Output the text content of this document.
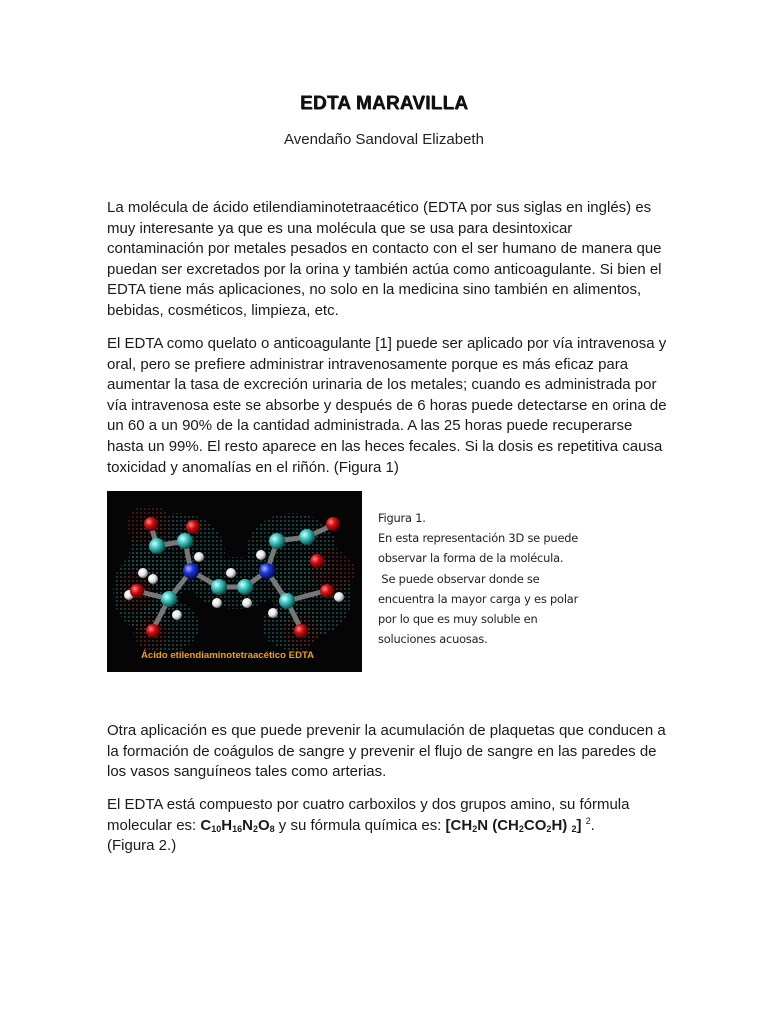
EDTA MARAVILLA
Avendaño Sandoval Elizabeth

La molécula de ácido etilendiaminotetraacético (EDTA por sus siglas en inglés) es muy interesante ya que es una molécula que se usa para desintoxicar contaminación por metales pesados en contacto con el ser humano de manera que puedan ser excretados por la orina y también actúa como anticoagulante. Si bien el EDTA tiene más aplicaciones, no solo en la medicina sino también en alimentos, bebidas, cosméticos, limpieza, etc.

El EDTA como quelato o anticoagulante [1] puede ser aplicado por vía intravenosa y oral, pero se prefiere administrar intravenosamente porque es más eficaz para aumentar la tasa de excreción urinaria de los metales; cuando es administrada por vía intravenosa este se absorbe y después de 6 horas puede detectarse en orina de un 60 a un 90% de la cantidad administrada. A las 25 horas puede recuperarse hasta un 99%. El resto aparece en las heces fecales. Si la dosis es repetitiva causa toxicidad y anomalías en el riñón. (Figura 1)

Ácido etilendiaminotetraacético EDTA
Figura 1.
En esta representación 3D se puede
observar la forma de la molécula.
Se puede observar donde se
encuentra la mayor carga y es polar
por lo que es muy soluble en
soluciones acuosas.

Otra aplicación es que puede prevenir la acumulación de plaquetas que conducen a la formación de coágulos de sangre y prevenir el flujo de sangre en las paredes de los vasos sanguíneos tales como arterias.

El EDTA está compuesto por cuatro carboxilos y dos grupos amino, su fórmula molecular es: $C_{10}H_{16}N_2O_8$ y su fórmula química es: [$CH_2N$ $(CH_2CO_2H)$ $_2$] $^2$.
(Figura 2.)
